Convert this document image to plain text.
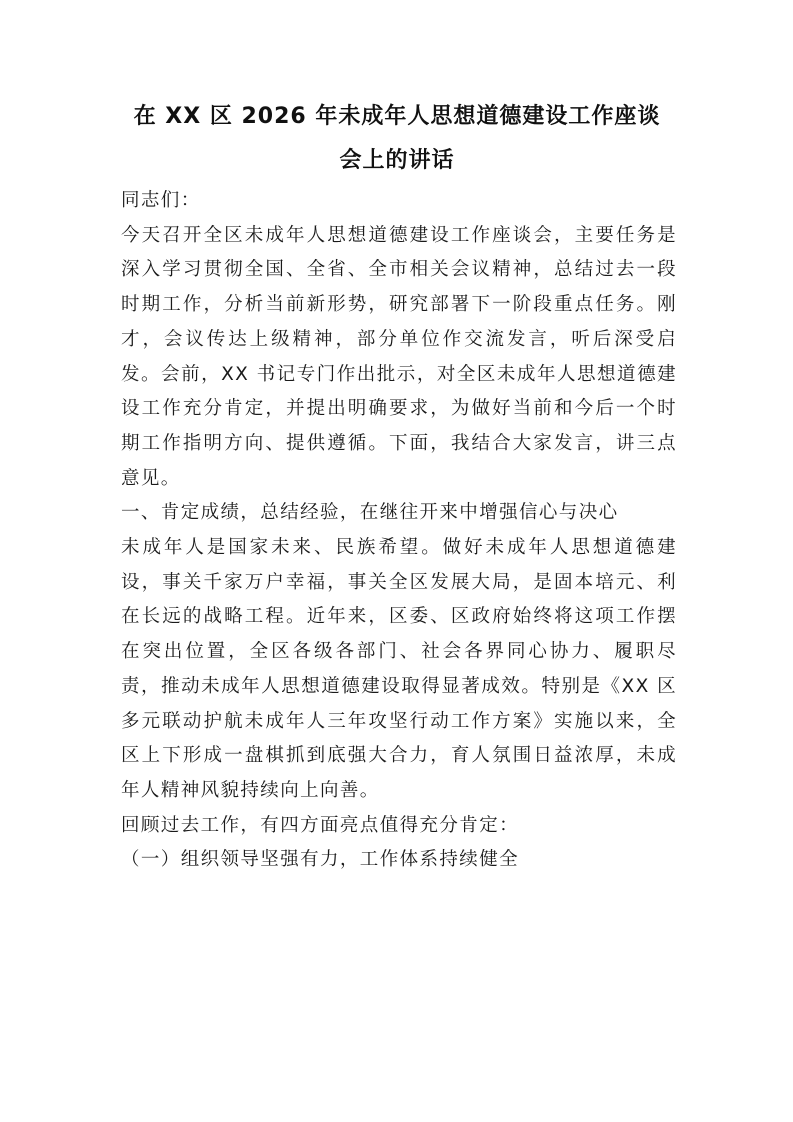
在 XX 区 2026 年未成年人思想道德建设工作座谈
会上的讲话

同志们：

今天召开全区未成年人思想道德建设工作座谈会，主要任务是深入学习贯彻全国、全省、全市相关会议精神，总结过去一段时期工作，分析当前新形势，研究部署下一阶段重点任务。刚才，会议传达上级精神，部分单位作交流发言，听后深受启发。会前，XX 书记专门作出批示，对全区未成年人思想道德建设工作充分肯定，并提出明确要求，为做好当前和今后一个时期工作指明方向、提供遵循。下面，我结合大家发言，讲三点意见。

一、肯定成绩，总结经验，在继往开来中增强信心与决心

未成年人是国家未来、民族希望。做好未成年人思想道德建设，事关千家万户幸福，事关全区发展大局，是固本培元、利在长远的战略工程。近年来，区委、区政府始终将这项工作摆在突出位置，全区各级各部门、社会各界同心协力、履职尽责，推动未成年人思想道德建设取得显著成效。特别是《XX 区多元联动护航未成年人三年攻坚行动工作方案》实施以来，全区上下形成一盘棋抓到底强大合力，育人氛围日益浓厚，未成年人精神风貌持续向上向善。

回顾过去工作，有四方面亮点值得充分肯定：

（一）组织领导坚强有力，工作体系持续健全
